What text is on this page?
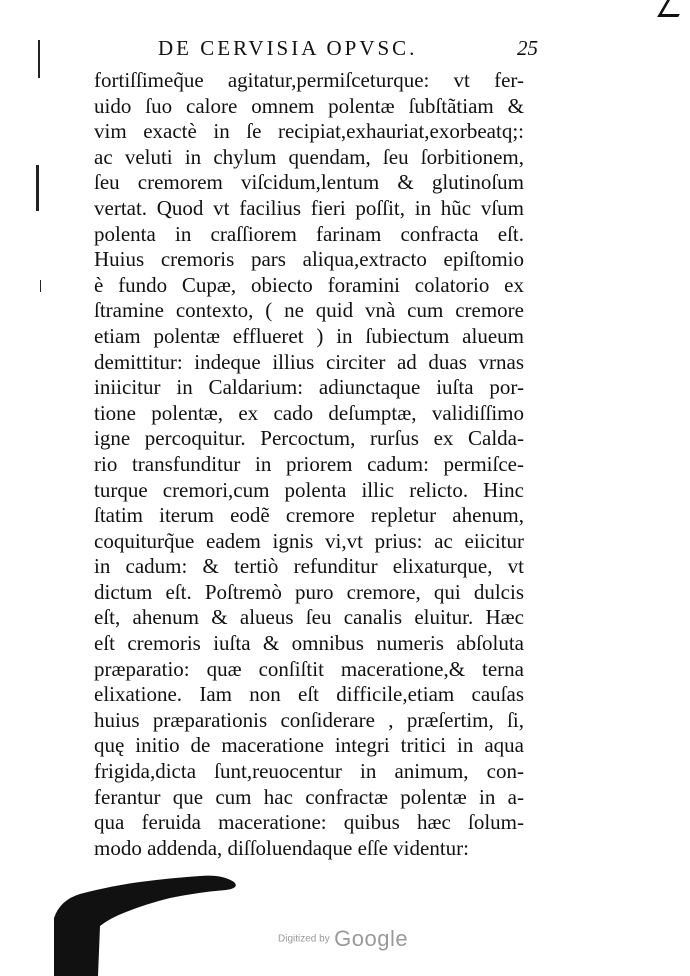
DE CERVISIA OPVSC.	25
fortiſſimeq̃ue agitatur,permiſceturque: vt fer-
uido ſuo calore omnem polentæ ſubſtãtiam &
vim exactè in ſe recipiat,exhauriat,exorbeatq;:
ac veluti in chylum quendam, ſeu ſorbitionem,
ſeu cremorem viſcidum,lentum & glutinoſum
vertat. Quod vt facilius fieri poſſit, in hũc vſum
polenta in craſſiorem farinam confracta eſt.
Huius cremoris pars aliqua,extracto epiſtomio
è fundo Cupæ, obiecto foramini colatorio ex
ſtramine contexto, ( ne quid vnà cum cremore
etiam polentæ efflueret ) in ſubiectum alueum
demittitur: indeque illius circiter ad duas vrnas
iniicitur in Caldarium: adiunctaque iuſta por-
tione polentæ, ex cado deſumptæ, validiſſimo
igne percoquitur. Percoctum, rurſus ex Calda-
rio transfunditur in priorem cadum: permiſce-
turque cremori,cum polenta illic relicto. Hinc
ſtatim iterum eodẽ cremore repletur ahenum,
coquiturq̃ue eadem ignis vi,vt prius: ac eiicitur
in cadum: & tertiò refunditur elixaturque, vt
dictum eſt. Poſtremò puro cremore, qui dulcis
eſt, ahenum & alueus ſeu canalis eluitur. Hæc
eſt cremoris iuſta & omnibus numeris abſoluta
præparatio: quæ conſiſtit maceratione,& terna
elixatione. Iam non eſt difficile,etiam cauſas
huius præparationis conſiderare , præſertim, ſi,
quę initio de maceratione integri tritici in aqua
frigida,dicta ſunt,reuocentur in animum, con-
ferantur que cum hac confractæ polentæ in a-
qua feruida maceratione: quibus hæc ſolum-
modo addenda, diſſoluendaque eſſe videntur:
Digitized by Google
